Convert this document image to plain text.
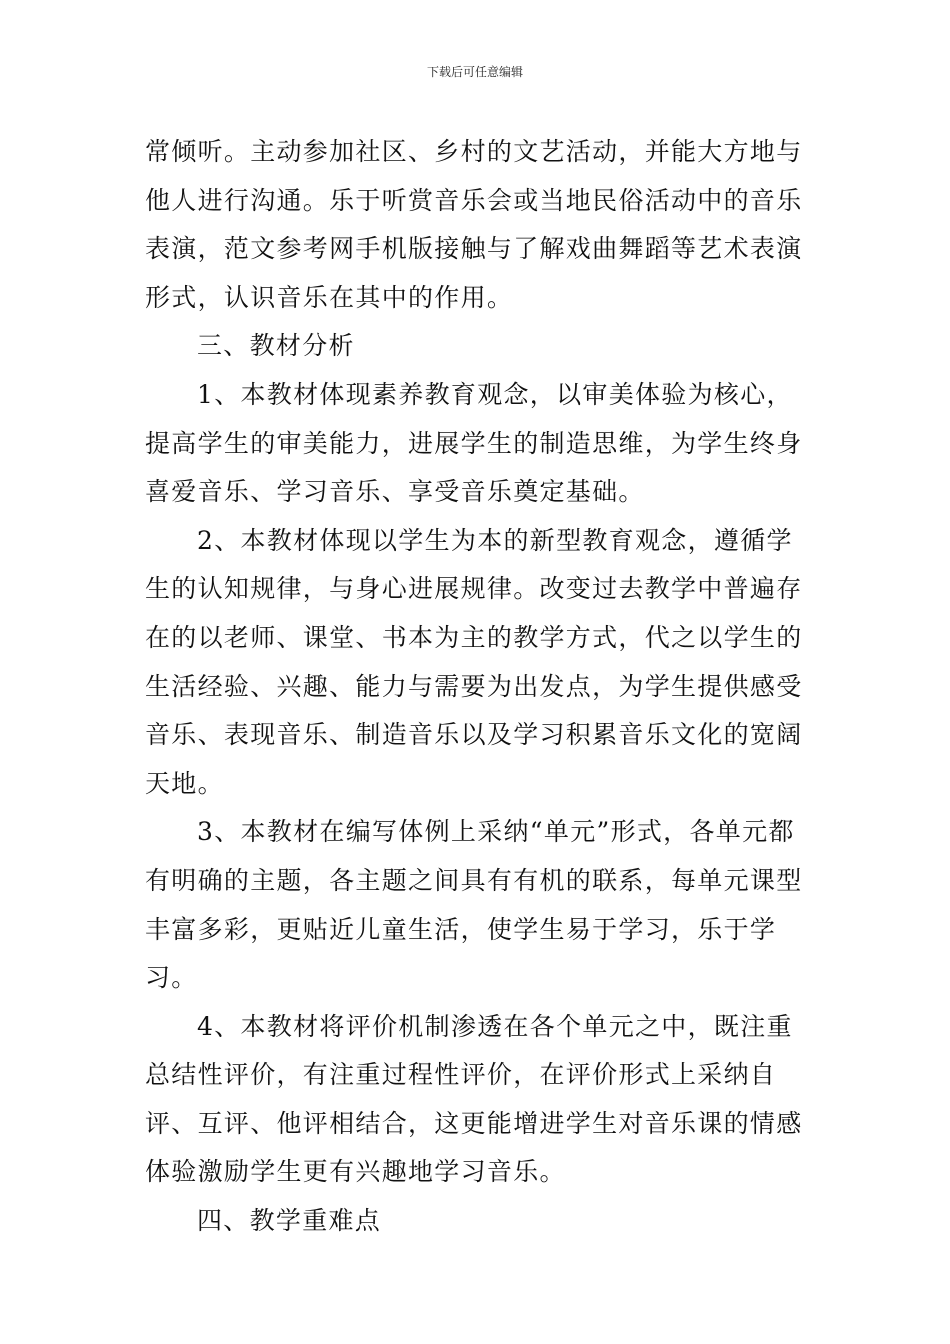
下载后可任意编辑

常倾听。主动参加社区、乡村的文艺活动，并能大方地与他人进行沟通。乐于听赏音乐会或当地民俗活动中的音乐表演，范文参考网手机版接触与了解戏曲舞蹈等艺术表演形式，认识音乐在其中的作用。

三、教材分析

1、本教材体现素养教育观念，以审美体验为核心，提高学生的审美能力，进展学生的制造思维，为学生终身喜爱音乐、学习音乐、享受音乐奠定基础。

2、本教材体现以学生为本的新型教育观念，遵循学生的认知规律，与身心进展规律。改变过去教学中普遍存在的以老师、课堂、书本为主的教学方式，代之以学生的生活经验、兴趣、能力与需要为出发点，为学生提供感受音乐、表现音乐、制造音乐以及学习积累音乐文化的宽阔天地。

3、本教材在编写体例上采纳“单元”形式，各单元都有明确的主题，各主题之间具有有机的联系，每单元课型丰富多彩，更贴近儿童生活，使学生易于学习，乐于学习。

4、本教材将评价机制渗透在各个单元之中，既注重总结性评价，有注重过程性评价，在评价形式上采纳自评、互评、他评相结合，这更能增进学生对音乐课的情感体验激励学生更有兴趣地学习音乐。

四、教学重难点
